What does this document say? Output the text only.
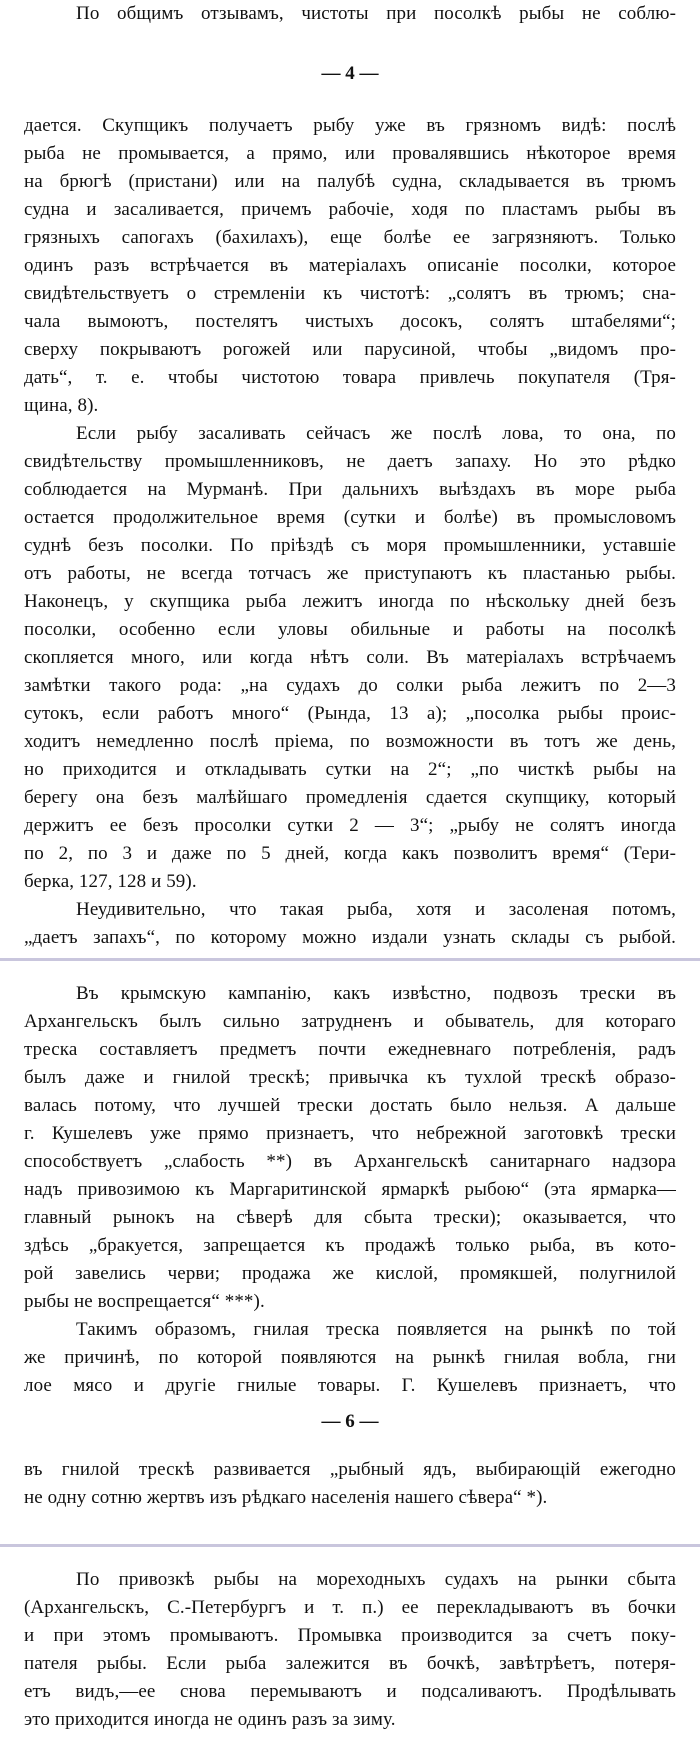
По общимъ отзывамъ, чистоты при посолкѣ рыбы не соблю-
— 4 —
дается. Скупщикъ получаетъ рыбу уже въ грязномъ видѣ: послѣ
рыба не промывается, а прямо, или провалявшись нѣкоторое время
на брюгѣ (пристани) или на палубѣ судна, складывается въ трюмъ
судна и засаливается, причемъ рабочіе, ходя по пластамъ рыбы въ
грязныхъ сапогахъ (бахилахъ), еще болѣе ее загрязняютъ. Только
одинъ разъ встрѣчается въ матеріалахъ описаніе посолки, которое
свидѣтельствуетъ о стремленіи къ чистотѣ: „солятъ въ трюмъ; сна-
чала вымоютъ, постелятъ чистыхъ досокъ, солятъ штабелями“;
сверху покрываютъ рогожей или парусиной, чтобы „видомъ про-
дать“, т. е. чтобы чистотою товара привлечь покупателя (Тря-
щина, 8).
Если рыбу засаливать сейчасъ же послѣ лова, то она, по
свидѣтельству промышленниковъ, не даетъ запаху. Но это рѣдко
соблюдается на Мурманѣ. При дальнихъ выѣздахъ въ море рыба
остается продолжительное время (сутки и болѣе) въ промысловомъ
суднѣ безъ посолки. По пріѣздѣ съ моря промышленники, уставшіе
отъ работы, не всегда тотчасъ же приступаютъ къ пластанью рыбы.
Наконецъ, у скупщика рыба лежитъ иногда по нѣскольку дней безъ
посолки, особенно если уловы обильные и работы на посолкѣ
скопляется много, или когда нѣтъ соли. Въ матеріалахъ встрѣчаемъ
замѣтки такого рода: „на судахъ до солки рыба лежитъ по 2—3
сутокъ, если работъ много“ (Рында, 13 а); „посолка рыбы проис-
ходитъ немедленно послѣ пріема, по возможности въ тотъ же день,
но приходится и откладывать сутки на 2“; „по чисткѣ рыбы на
берегу она безъ малѣйшаго промедленія сдается скупщику, который
держитъ ее безъ просолки сутки 2 — 3“; „рыбу не солятъ иногда
по 2, по 3 и даже по 5 дней, когда какъ позволитъ время“ (Тери-
берка, 127, 128 и 59).
Неудивительно, что такая рыба, хотя и засоленая потомъ,
„даетъ запахъ“, по которому можно издали узнать склады съ рыбой.
Въ крымскую кампанію, какъ извѣстно, подвозъ трески въ
Архангельскъ былъ сильно затрудненъ и обыватель, для котораго
треска составляетъ предметъ почти ежедневнаго потребленія, радъ
былъ даже и гнилой трескѣ; привычка къ тухлой трескѣ образо-
валась потому, что лучшей трески достать было нельзя. А дальше
г. Кушелевъ уже прямо признаетъ, что небрежной заготовкѣ трески
способствуетъ „слабость **) въ Архангельскѣ санитарнаго надзора
надъ привозимою къ Маргаритинской ярмаркѣ рыбою“ (эта ярмарка—
главный рынокъ на сѣверѣ для сбыта трески); оказывается, что
здѣсь „бракуется, запрещается къ продажѣ только рыба, въ кото-
рой завелись черви; продажа же кислой, промякшей, полугнилой
рыбы не воспрещается“ ***).
Такимъ образомъ, гнилая треска появляется на рынкѣ по той
же причинѣ, по которой появляются на рынкѣ гнилая вобла, гни
лое мясо и другіе гнилые товары. Г. Кушелевъ признаетъ, что
— 6 —
въ гнилой трескѣ развивается „рыбный ядъ, выбирающій ежегодно
не одну сотню жертвъ изъ рѣдкаго населенія нашего сѣвера“ *).
По привозкѣ рыбы на мореходныхъ судахъ на рынки сбыта
(Архангельскъ, С.-Петербургъ и т. п.) ее перекладываютъ въ бочки
и при этомъ промываютъ. Промывка производится за счетъ поку-
пателя рыбы. Если рыба залежится въ бочкѣ, завѣтрѣетъ, потеря-
етъ видъ,—ее снова перемываютъ и подсаливаютъ. Продѣлывать
это приходится иногда не одинъ разъ за зиму.
